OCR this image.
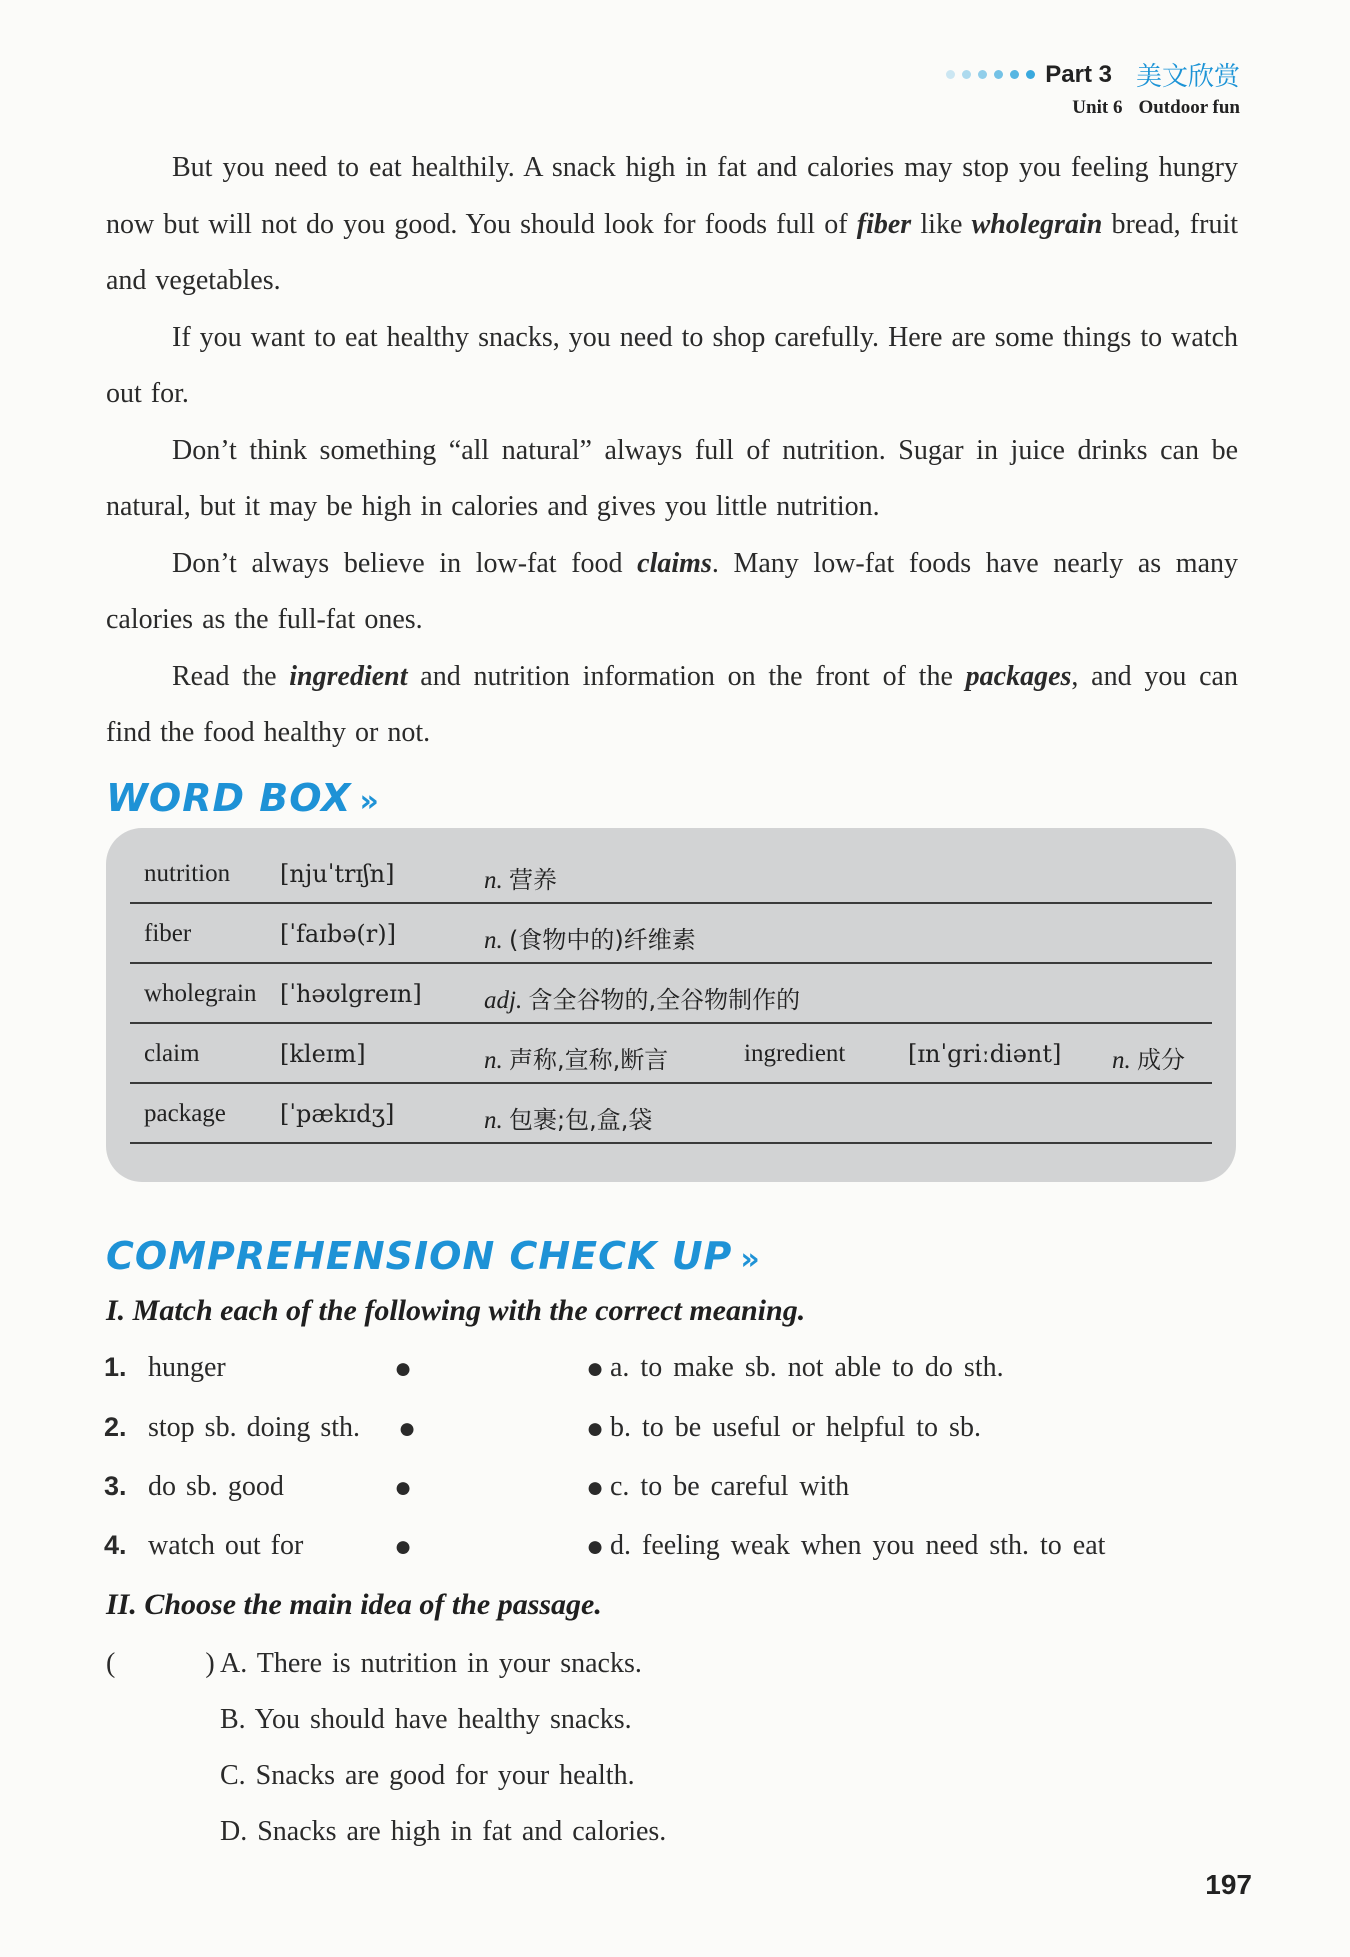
Part 3 美文欣赏
Unit 6 Outdoor fun

But you need to eat healthily. A snack high in fat and calories may stop you feeling hungry now but will not do you good. You should look for foods full of fiber like wholegrain bread, fruit and vegetables.

If you want to eat healthy snacks, you need to shop carefully. Here are some things to watch out for.

Don’t think something “all natural” always full of nutrition. Sugar in juice drinks can be natural, but it may be high in calories and gives you little nutrition.

Don’t always believe in low-fat food claims. Many low-fat foods have nearly as many calories as the full-fat ones.

Read the ingredient and nutrition information on the front of the packages, and you can find the food healthy or not.

WORD BOX »
nutrition [njuˈtrɪʃn]	n. 营养
fiber	[ˈfaɪbə(r)]	n. (食物中的)纤维素
wholegrain [ˈhəʊlgreɪn] adj. 含全谷物的,全谷物制作的
claim	[kleɪm]	n. 声称,宣称,断言	ingredient	[ɪnˈgriːdiənt] n. 成分
package [ˈpækɪdʒ]	n. 包裹;包,盒,袋
COMPREHENSION CHECK UP »
I. Match each of the following with the correct meaning.
1. hunger	●	● a. to make sb. not able to do sth.
2. stop sb. doing sth. ●	● b. to be useful or helpful to sb.
3. do sb. good	●	● c. to be careful with
4. watch out for	●	● d. feeling weak when you need sth. to eat
II. Choose the main idea of the passage.
(         ) A. There is nutrition in your snacks.
B. You should have healthy snacks.
C. Snacks are good for your health.
D. Snacks are high in fat and calories.
197
